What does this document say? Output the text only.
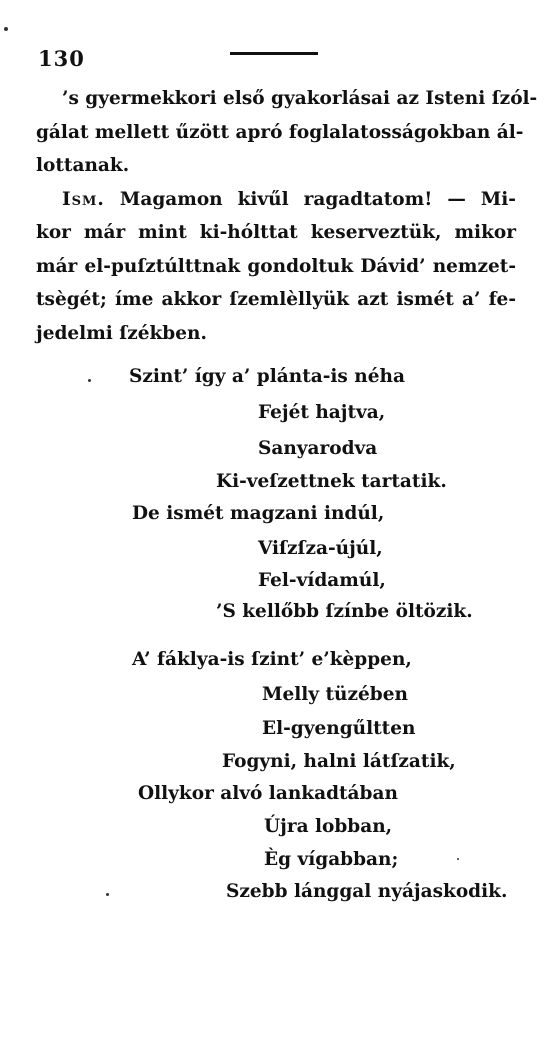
130
’s gyermekkori első gyakorlásai az Isteni ſzól-
gálat mellett űzött apró foglalatosságokban ál-
lottanak.
Ism. Magamon kivűl ragadtatom! — Mi-
kor már mint ki-hólttat keserveztük, mikor
már el-puſztúlttnak gondoltuk Dávid’ nemzet-
tsègét; íme akkor ſzemlèllyük azt ismét a’ fe-
jedelmi ſzékben.
Szint’ így a’ plánta-is néha
Fejét hajtva,
Sanyarodva
Ki-veſzettnek tartatik.
De ismét magzani indúl,
Viſzſza-újúl,
Fel-vídamúl,
’S kellőbb ſzínbe öltözik.
A’ fáklya-is ſzint’ e’kèppen,
Melly tüzében
El-gyengűltten
Fogyni, halni látſzatik,
Ollykor alvó lankadtában
Újra lobban,
Èg vígabban;
Szebb lánggal nyájaskodik.
